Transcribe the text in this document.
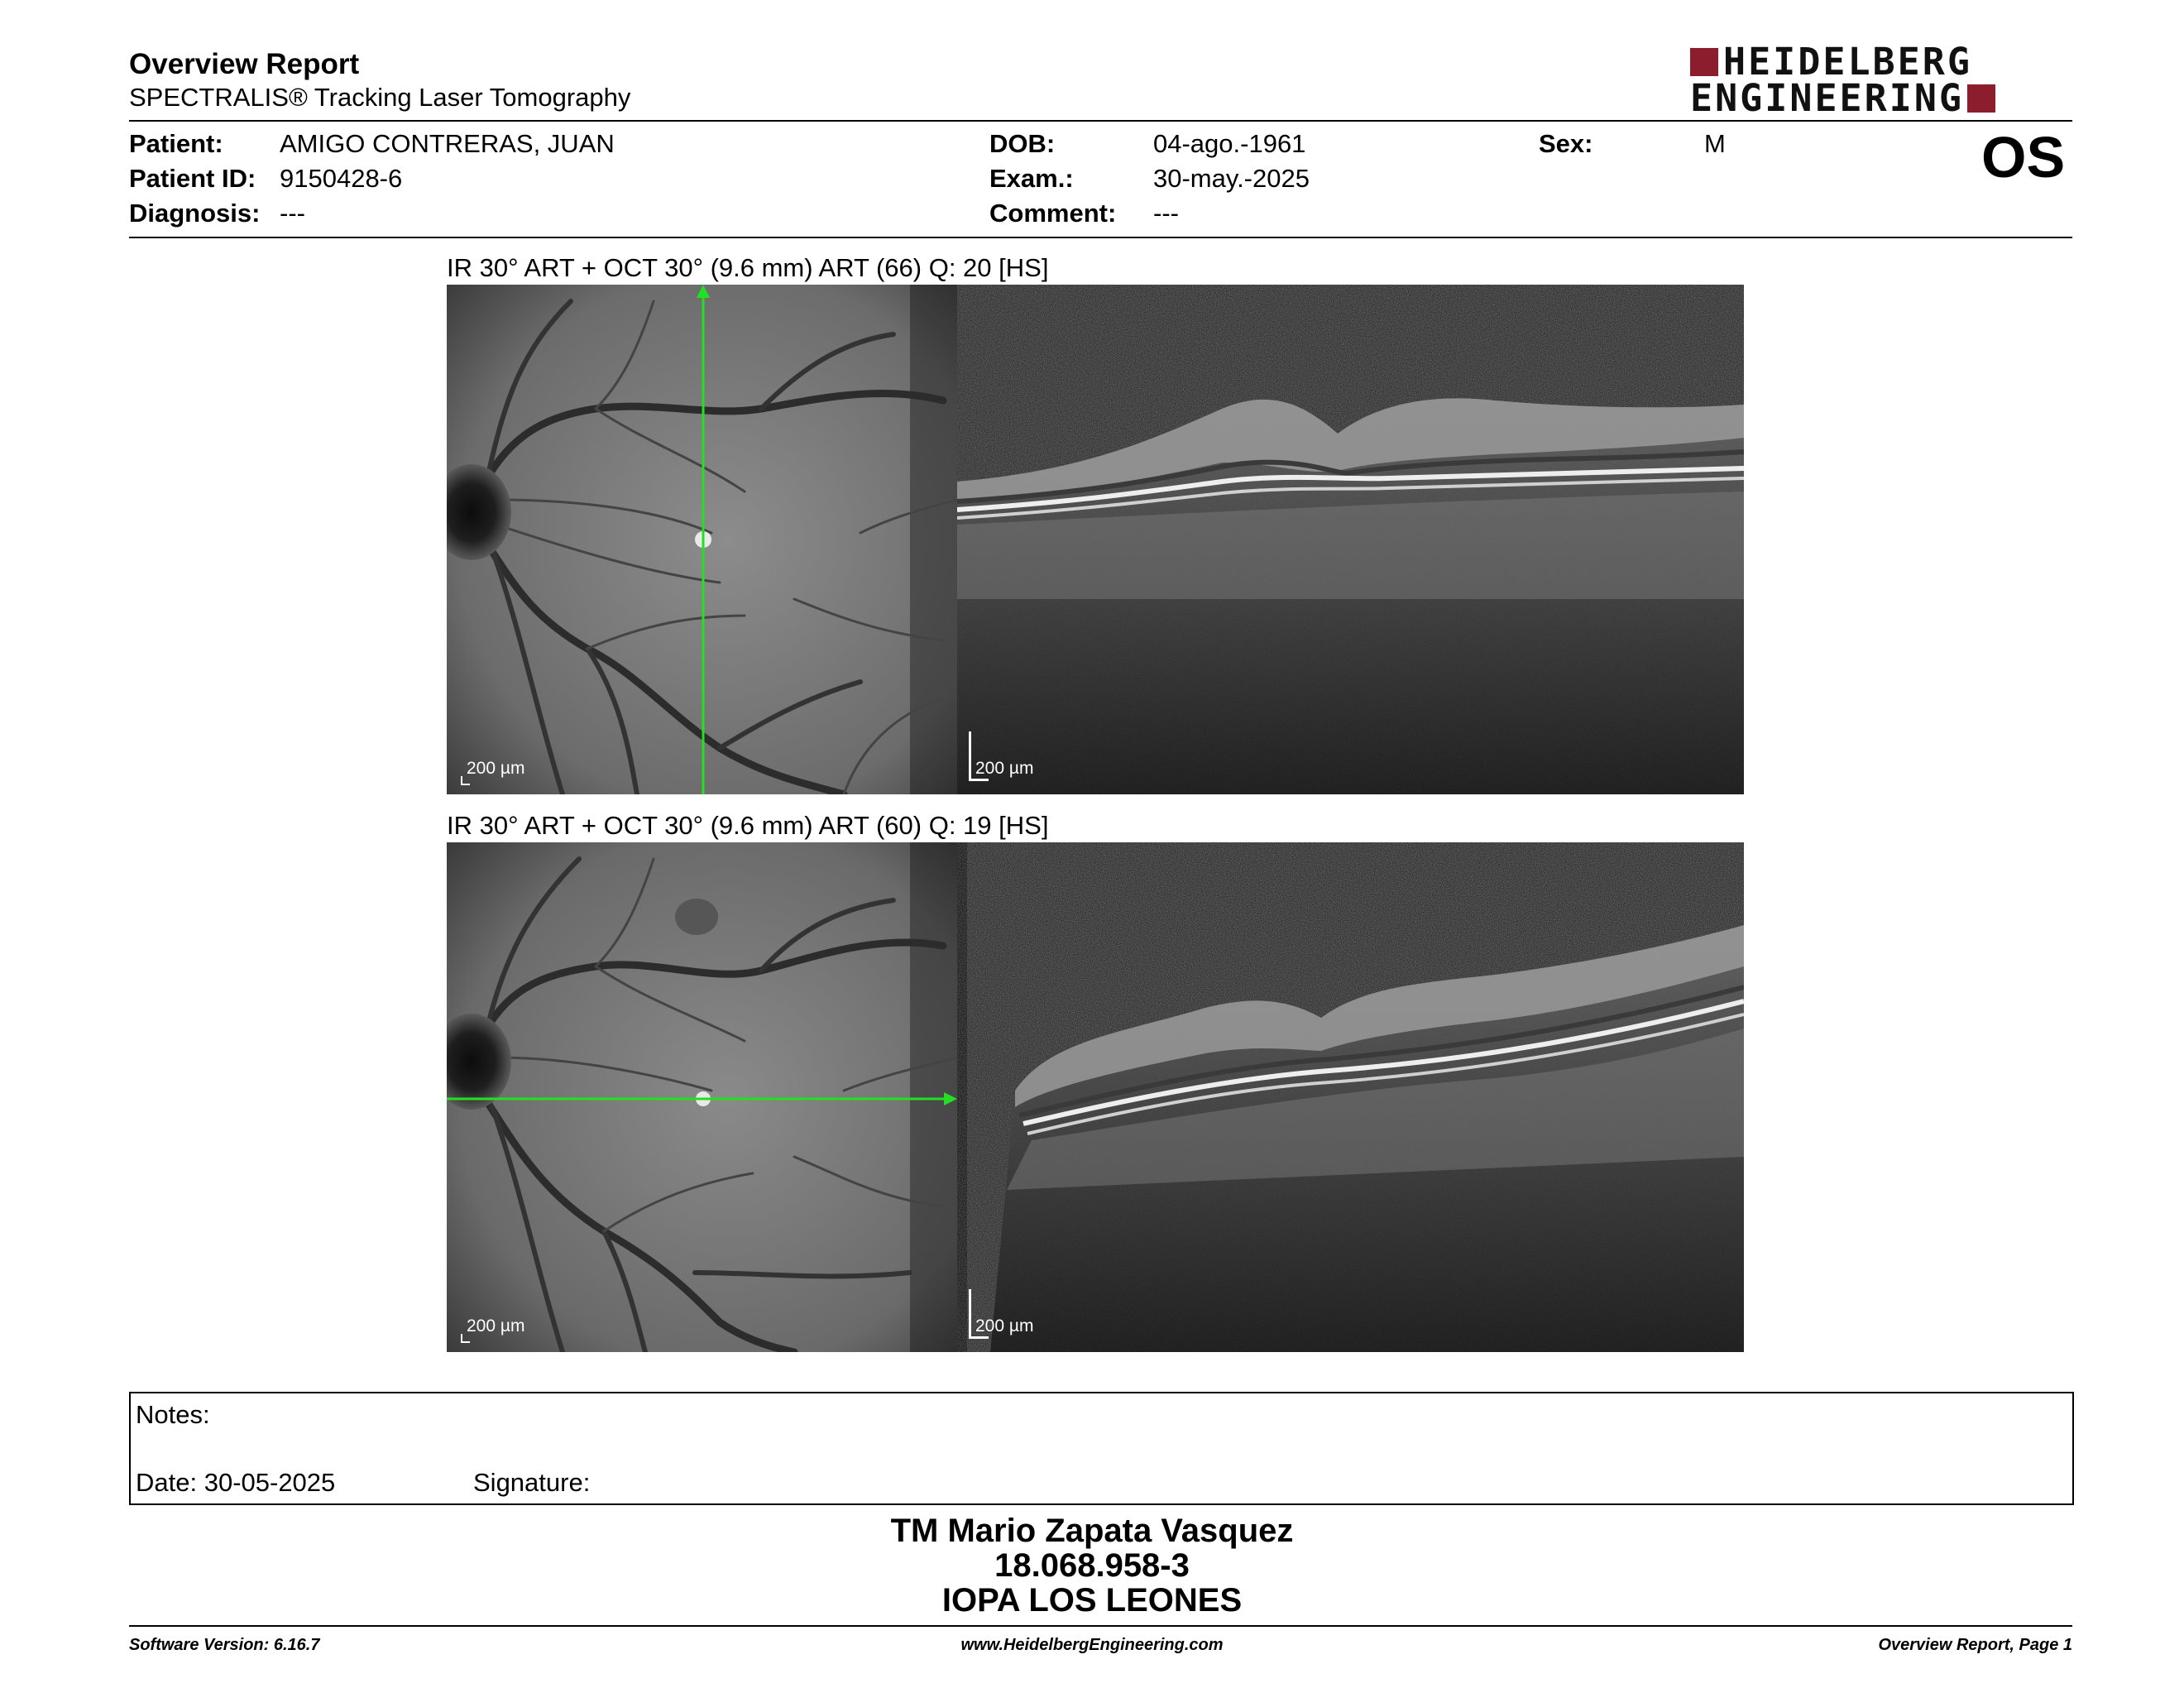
Overview Report
SPECTRALIS® Tracking Laser Tomography
HEIDELBERG
ENGINEERING
Patient: AMIGO CONTRERAS, JUAN
Patient ID: 9150428-6
Diagnosis: ---
DOB:	04-ago.-1961
Exam.:	30-may.-2025
Comment: ---
Sex:	M	OS
IR 30° ART + OCT 30° (9.6 mm) ART (66) Q: 20 [HS]
200 µm	200 µm
IR 30° ART + OCT 30° (9.6 mm) ART (60) Q: 19 [HS]
200 µm	200 µm
Notes:
Date: 30-05-2025	Signature:
TM Mario Zapata Vasquez
18.068.958-3
IOPA LOS LEONES
Software Version: 6.16.7	www.HeidelbergEngineering.com	Overview Report, Page 1
